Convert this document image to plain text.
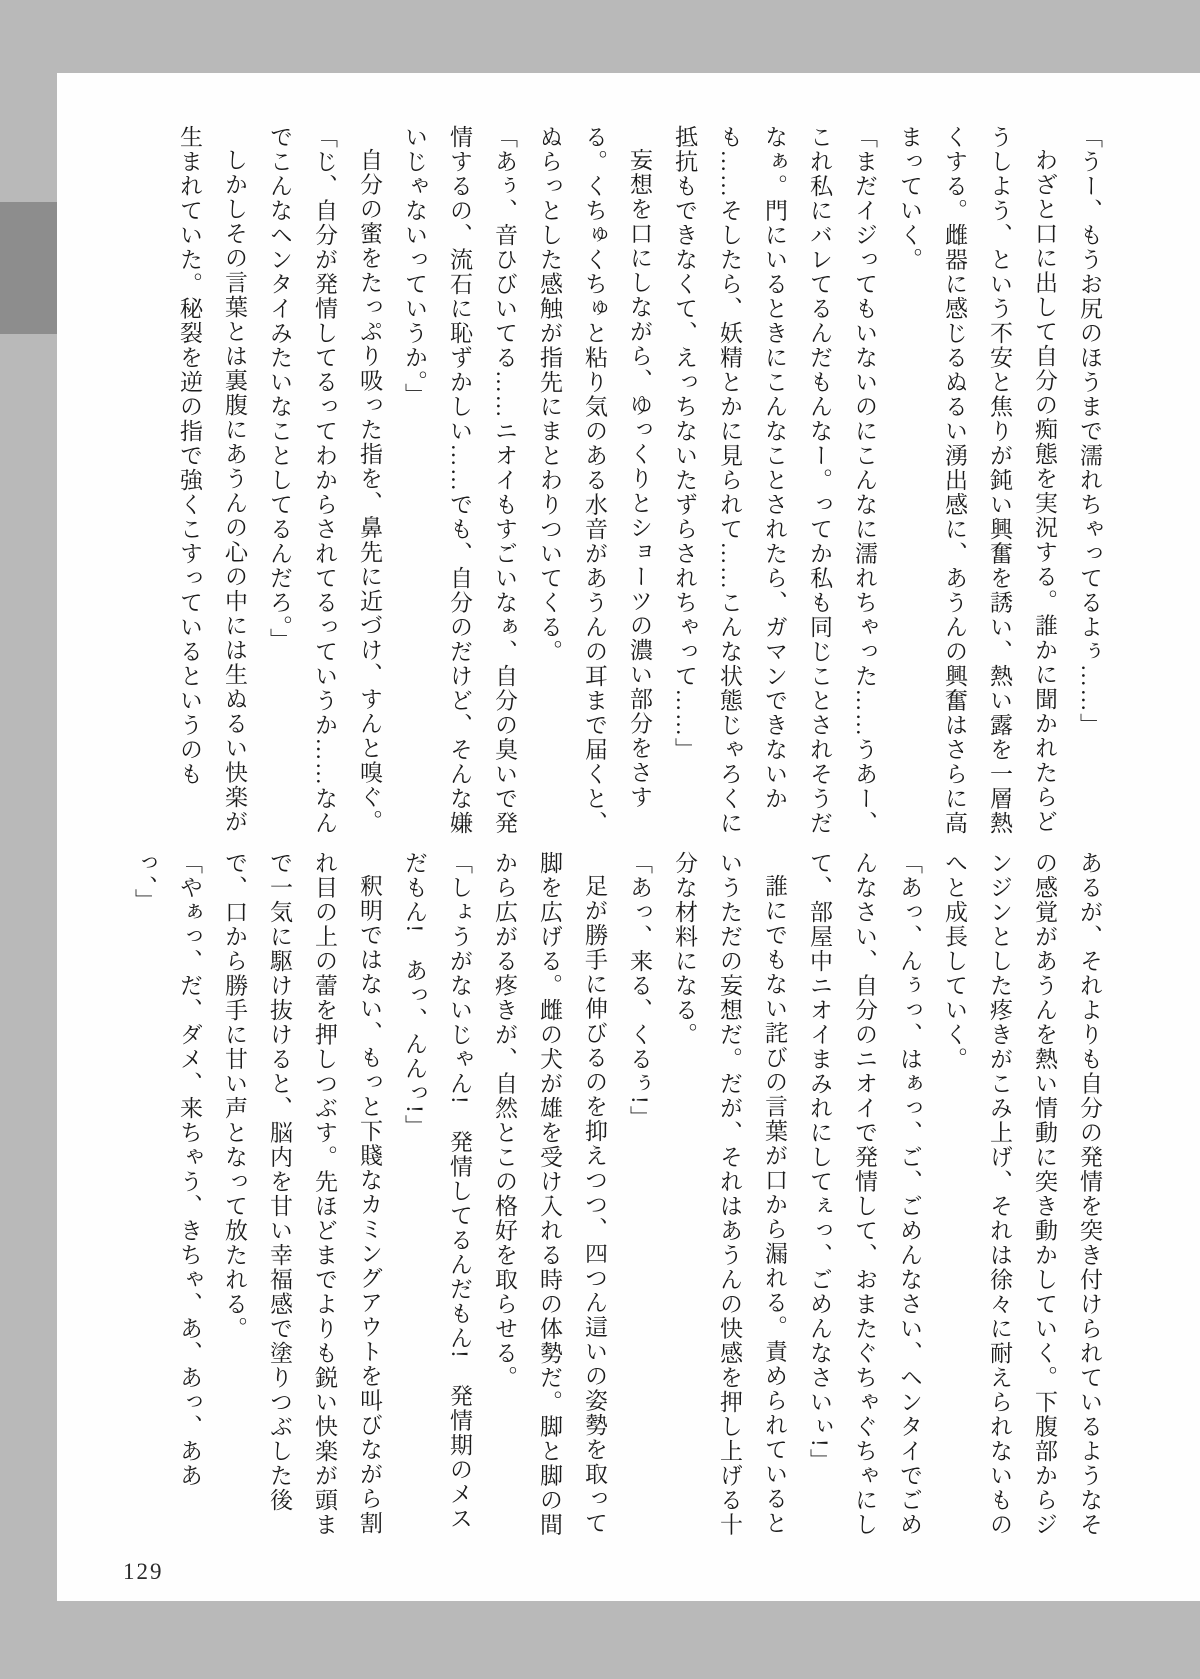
「うー、もうお尻のほうまで濡れちゃってるよぅ……」

わざと口に出して自分の痴態を実況する。誰かに聞かれたらどうしよう、という不安と焦りが鈍い興奮を誘い、熱い露を一層熱くする。雌器に感じるぬるい湧出感に、あうんの興奮はさらに高まっていく。

「まだイジってもいないのにこんなに濡れちゃった……うあー、これ私にバレてるんだもんなー。ってか私も同じことされそうだなぁ。門にいるときにこんなことされたら、ガマンできないかも……そしたら、妖精とかに見られて……こんな状態じゃろくに抵抗もできなくて、えっちないたずらされちゃって……」

妄想を口にしながら、ゆっくりとショーツの濃い部分をさする。くちゅくちゅと粘り気のある水音があうんの耳まで届くと、ぬらっとした感触が指先にまとわりついてくる。

「あぅ、音ひびいてる……ニオイもすごいなぁ、自分の臭いで発情するの、流石に恥ずかしい……でも、自分のだけど、そんな嫌いじゃないっていうか。」

自分の蜜をたっぷり吸った指を、鼻先に近づけ、すんと嗅ぐ。

「じ、自分が発情してるってわからされてるっていうか……なんでこんなヘンタイみたいなことしてるんだろ。」

しかしその言葉とは裏腹にあうんの心の中には生ぬるい快楽が生まれていた。秘裂を逆の指で強くこすっているというのも

あるが、それよりも自分の発情を突き付けられているようなその感覚があうんを熱い情動に突き動かしていく。下腹部からジンジンとした疼きがこみ上げ、それは徐々に耐えられないものへと成長していく。

「あっ、んぅっ、はぁっ、ご、ごめんなさい、ヘンタイでごめんなさい、自分のニオイで発情して、おまたぐちゃぐちゃにして、部屋中ニオイまみれにしてぇっ、ごめんなさいぃ!」

誰にでもない詫びの言葉が口から漏れる。責められているというただの妄想だ。だが、それはあうんの快感を押し上げる十分な材料になる。

「あっ、来る、くるぅ!」

足が勝手に伸びるのを抑えつつ、四つん這いの姿勢を取って脚を広げる。雌の犬が雄を受け入れる時の体勢だ。脚と脚の間から広がる疼きが、自然とこの格好を取らせる。

「しょうがないじゃん!　発情してるんだもん!　発情期のメスだもん!　あっ、んんっ!」

釈明ではない、もっと下賤なカミングアウトを叫びながら割れ目の上の蕾を押しつぶす。先ほどまでよりも鋭い快楽が頭まで一気に駆け抜けると、脳内を甘い幸福感で塗りつぶした後で、口から勝手に甘い声となって放たれる。

「やぁっ、だ、ダメ、来ちゃう、きちゃ、あ、あっ、ああっ、」

129
